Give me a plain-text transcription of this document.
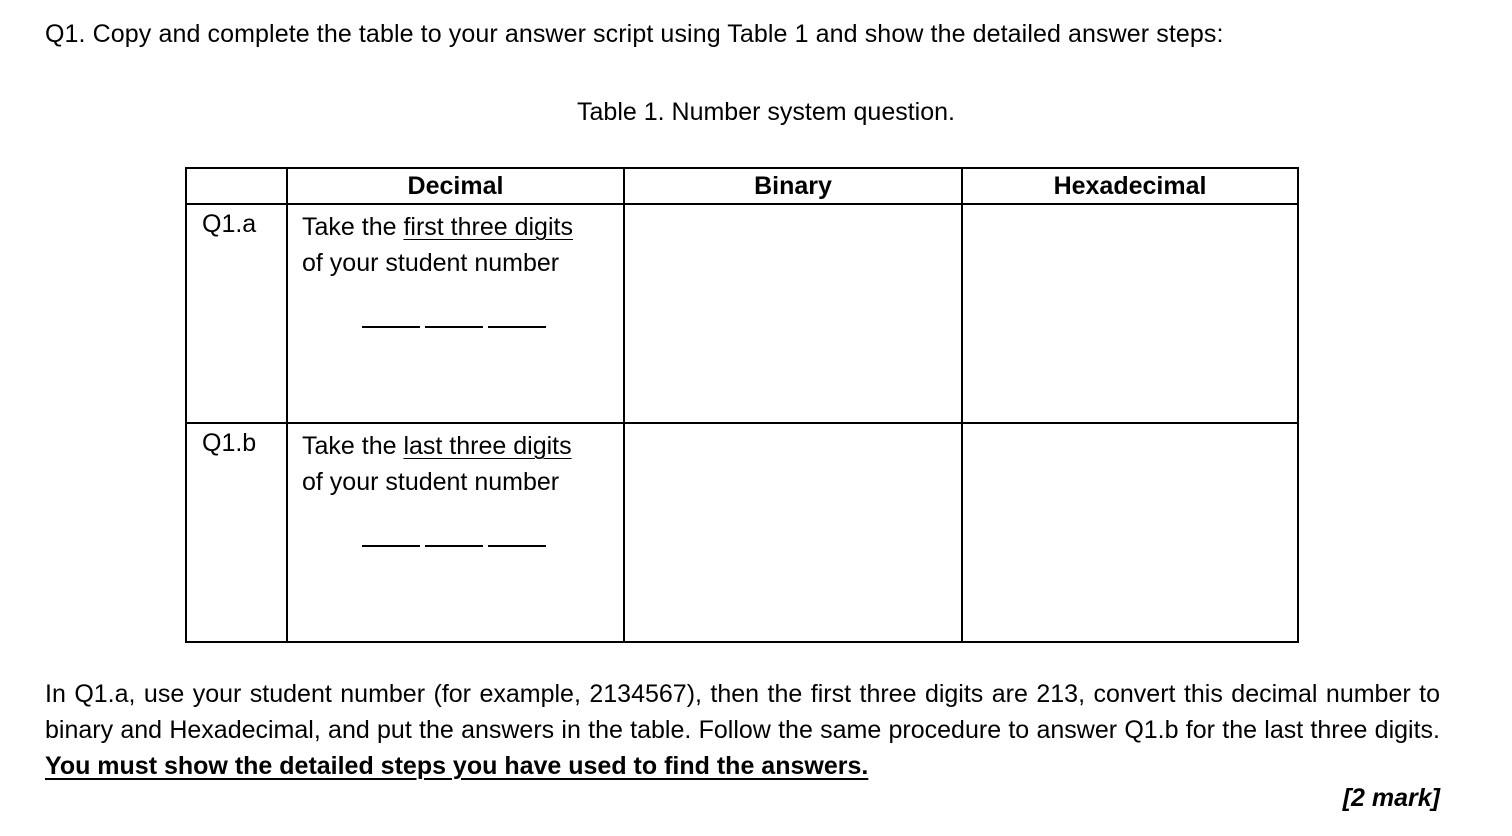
Q1. Copy and complete the table to your answer script using Table 1 and show the detailed answer steps:
Table 1. Number system question.
	Decimal	Binary	Hexadecimal
Q1.a	Take the first three digits
of your student number

Q1.b	Take the last three digits
of your student number

In Q1.a, use your student number (for example, 2134567), then the first three digits are 213, convert this decimal number to binary and Hexadecimal, and put the answers in the table. Follow the same procedure to answer Q1.b for the last three digits. You must show the detailed steps you have used to find the answers.
[2 mark]
